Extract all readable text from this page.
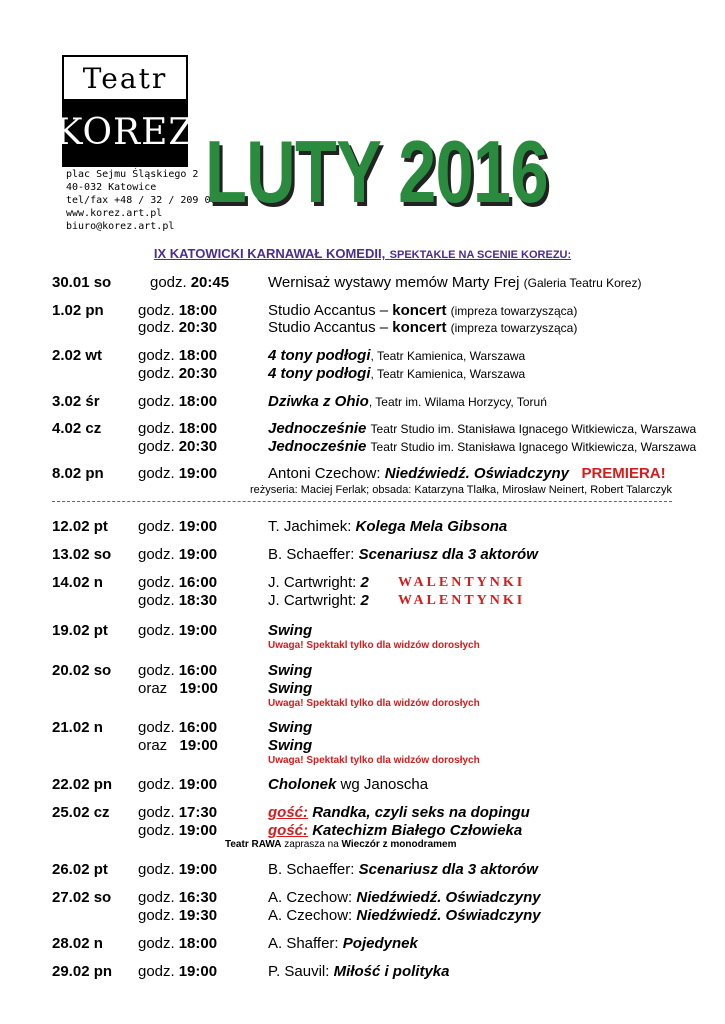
Teatr
KOREZ
plac Sejmu Śląskiego 2
40-032 Katowice
tel/fax +48 / 32 / 209 00 88
www.korez.art.pl
biuro@korez.art.pl
LUTY 2016
IX KATOWICKI KARNAWAŁ KOMEDII, SPEKTAKLE NA SCENIE KOREZU:
30.01 so	godz. 20:45	Wernisaż wystawy memów Marty Frej (Galeria Teatru Korez)
1.02 pn godz. 18:00	Studio Accantus – koncert (impreza towarzysząca)
godz. 20:30	Studio Accantus – koncert (impreza towarzysząca)
2.02 wt godz. 18:00	4 tony podłogi, Teatr Kamienica, Warszawa
godz. 20:30	4 tony podłogi, Teatr Kamienica, Warszawa
3.02 śr	godz. 18:00	Dziwka z Ohio, Teatr im. Wilama Horzycy, Toruń
4.02 cz godz. 18:00	Jednocześnie Teatr Studio im. Stanisława Ignacego Witkiewicza, Warszawa
godz. 20:30	Jednocześnie Teatr Studio im. Stanisława Ignacego Witkiewicza, Warszawa
8.02 pn godz. 19:00	Antoni Czechow: Niedźwiedź. Oświadczyny PREMIERA!
reżyseria: Maciej Ferlak; obsada: Katarzyna Tlałka, Mirosław Neinert, Robert Talarczyk
12.02 pt godz. 19:00	T. Jachimek: Kolega Mela Gibsona
13.02 so godz. 19:00	B. Schaeffer: Scenariusz dla 3 aktorów
14.02 n godz. 16:00	J. Cartwright: 2 WALENTYNKI
godz. 18:30	J. Cartwright: 2 WALENTYNKI
19.02 pt godz. 19:00	Swing
Uwaga! Spektakl tylko dla widzów dorosłych
20.02 so godz. 16:00	Swing
oraz 19:00	Swing
Uwaga! Spektakl tylko dla widzów dorosłych
21.02 n godz. 16:00	Swing
oraz 19:00	Swing
Uwaga! Spektakl tylko dla widzów dorosłych
22.02 pn godz. 19:00	Cholonek wg Janoscha
25.02 cz godz. 17:30	gość: Randka, czyli seks na dopingu
godz. 19:00	gość: Katechizm Białego Człowieka
Teatr RAWA zaprasza na Wieczór z monodramem
26.02 pt godz. 19:00	B. Schaeffer: Scenariusz dla 3 aktorów
27.02 so godz. 16:30	A. Czechow: Niedźwiedź. Oświadczyny
godz. 19:30	A. Czechow: Niedźwiedź. Oświadczyny
28.02 n godz. 18:00	A. Shaffer: Pojedynek
29.02 pn godz. 19:00	P. Sauvil: Miłość i polityka
